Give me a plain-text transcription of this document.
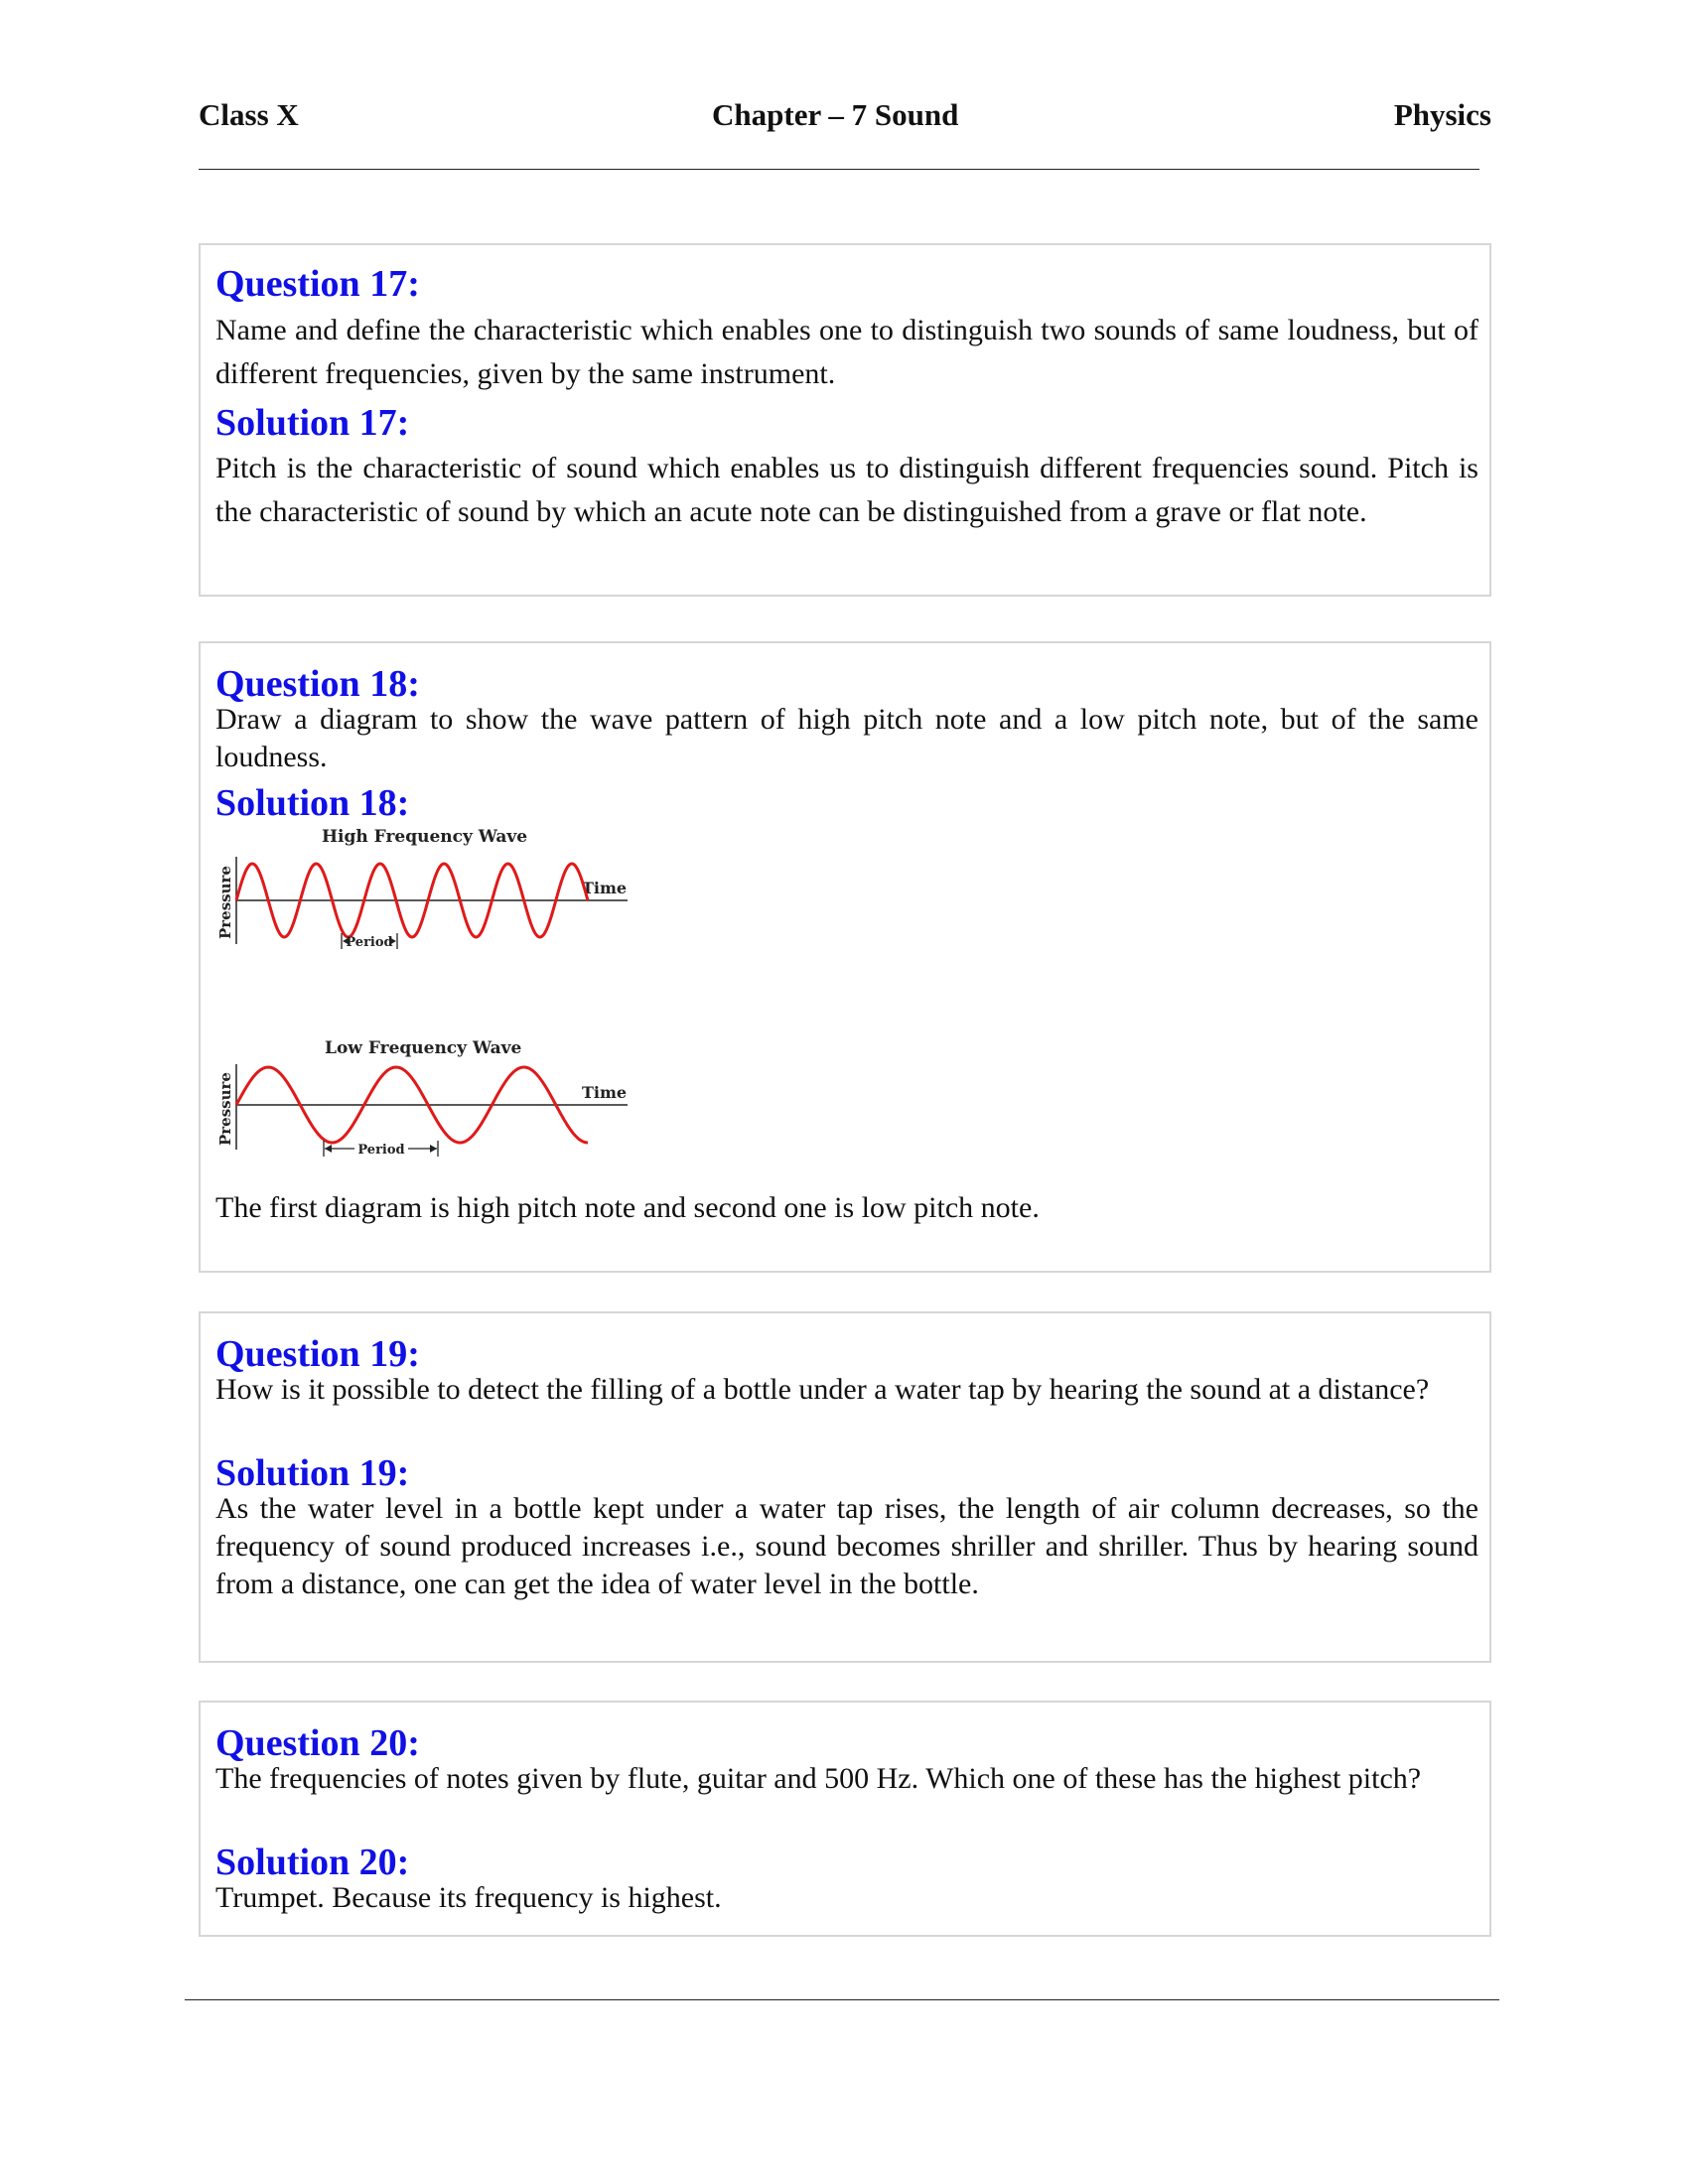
Class X	Chapter – 7 Sound	Physics
Question 17:

Name and define the characteristic which enables one to distinguish two sounds of same loudness, but of different frequencies, given by the same instrument.

Solution 17:

Pitch is the characteristic of sound which enables us to distinguish different frequencies sound. Pitch is the characteristic of sound by which an acute note can be distinguished from a grave or flat note.

Question 18:

Draw a diagram to show the wave pattern of high pitch note and a low pitch note, but of the same loudness.

Solution 18:
High Frequency Wave
Pressure	Time
Period
Low Frequency Wave
Pressure	Time
Period

The first diagram is high pitch note and second one is low pitch note.

Question 19:

How is it possible to detect the filling of a bottle under a water tap by hearing the sound at a distance?

Solution 19:

As the water level in a bottle kept under a water tap rises, the length of air column decreases, so the frequency of sound produced increases i.e., sound becomes shriller and shriller. Thus by hearing sound from a distance, one can get the idea of water level in the bottle.

Question 20:

The frequencies of notes given by flute, guitar and 500 Hz. Which one of these has the highest pitch?

Solution 20:

Trumpet. Because its frequency is highest.
